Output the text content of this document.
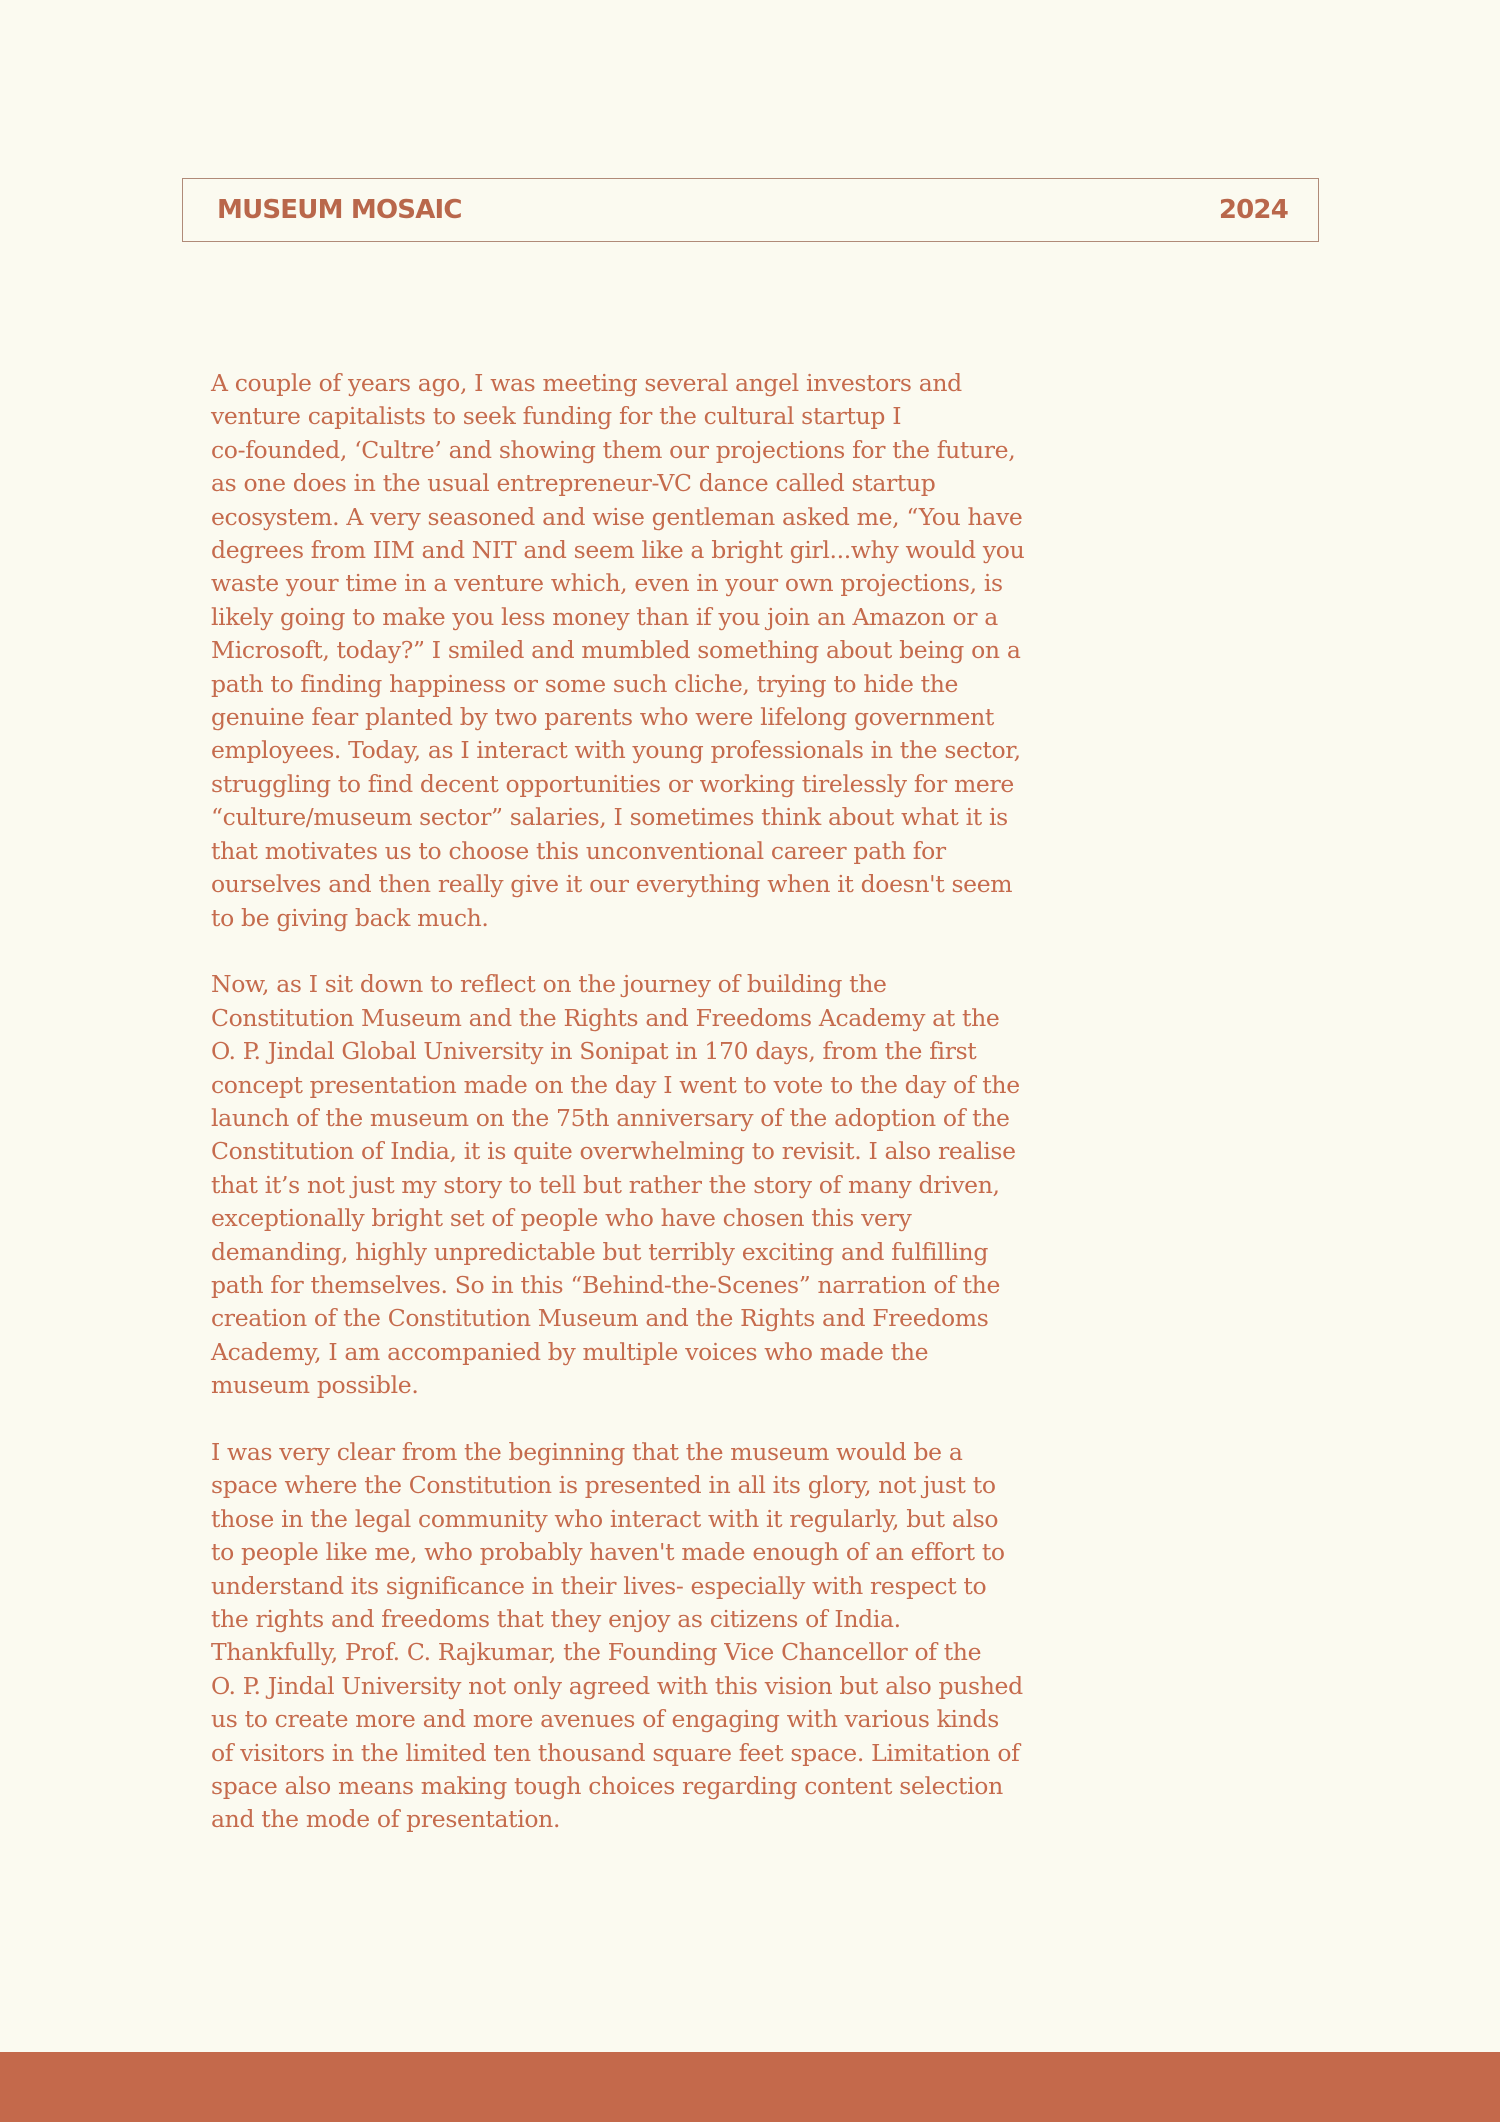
MUSEUM MOSAIC	2024

A couple of years ago, I was meeting several angel investors and
venture capitalists to seek funding for the cultural startup I
co-founded, ‘Cultre’ and showing them our projections for the future,
as one does in the usual entrepreneur-VC dance called startup
ecosystem. A very seasoned and wise gentleman asked me, “You have
degrees from IIM and NIT and seem like a bright girl...why would you
waste your time in a venture which, even in your own projections, is
likely going to make you less money than if you join an Amazon or a
Microsoft, today?” I smiled and mumbled something about being on a
path to finding happiness or some such cliche, trying to hide the
genuine fear planted by two parents who were lifelong government
employees. Today, as I interact with young professionals in the sector,
struggling to find decent opportunities or working tirelessly for mere
“culture/museum sector” salaries, I sometimes think about what it is
that motivates us to choose this unconventional career path for
ourselves and then really give it our everything when it doesn't seem
to be giving back much.

Now, as I sit down to reflect on the journey of building the
Constitution Museum and the Rights and Freedoms Academy at the
O. P. Jindal Global University in Sonipat in 170 days, from the first
concept presentation made on the day I went to vote to the day of the
launch of the museum on the 75th anniversary of the adoption of the
Constitution of India, it is quite overwhelming to revisit. I also realise
that it’s not just my story to tell but rather the story of many driven,
exceptionally bright set of people who have chosen this very
demanding, highly unpredictable but terribly exciting and fulfilling
path for themselves. So in this “Behind-the-Scenes” narration of the
creation of the Constitution Museum and the Rights and Freedoms
Academy, I am accompanied by multiple voices who made the
museum possible.

I was very clear from the beginning that the museum would be a
space where the Constitution is presented in all its glory, not just to
those in the legal community who interact with it regularly, but also
to people like me, who probably haven't made enough of an effort to
understand its significance in their lives- especially with respect to
the rights and freedoms that they enjoy as citizens of India.
Thankfully, Prof. C. Rajkumar, the Founding Vice Chancellor of the
O. P. Jindal University not only agreed with this vision but also pushed
us to create more and more avenues of engaging with various kinds
of visitors in the limited ten thousand square feet space. Limitation of
space also means making tough choices regarding content selection
and the mode of presentation.
